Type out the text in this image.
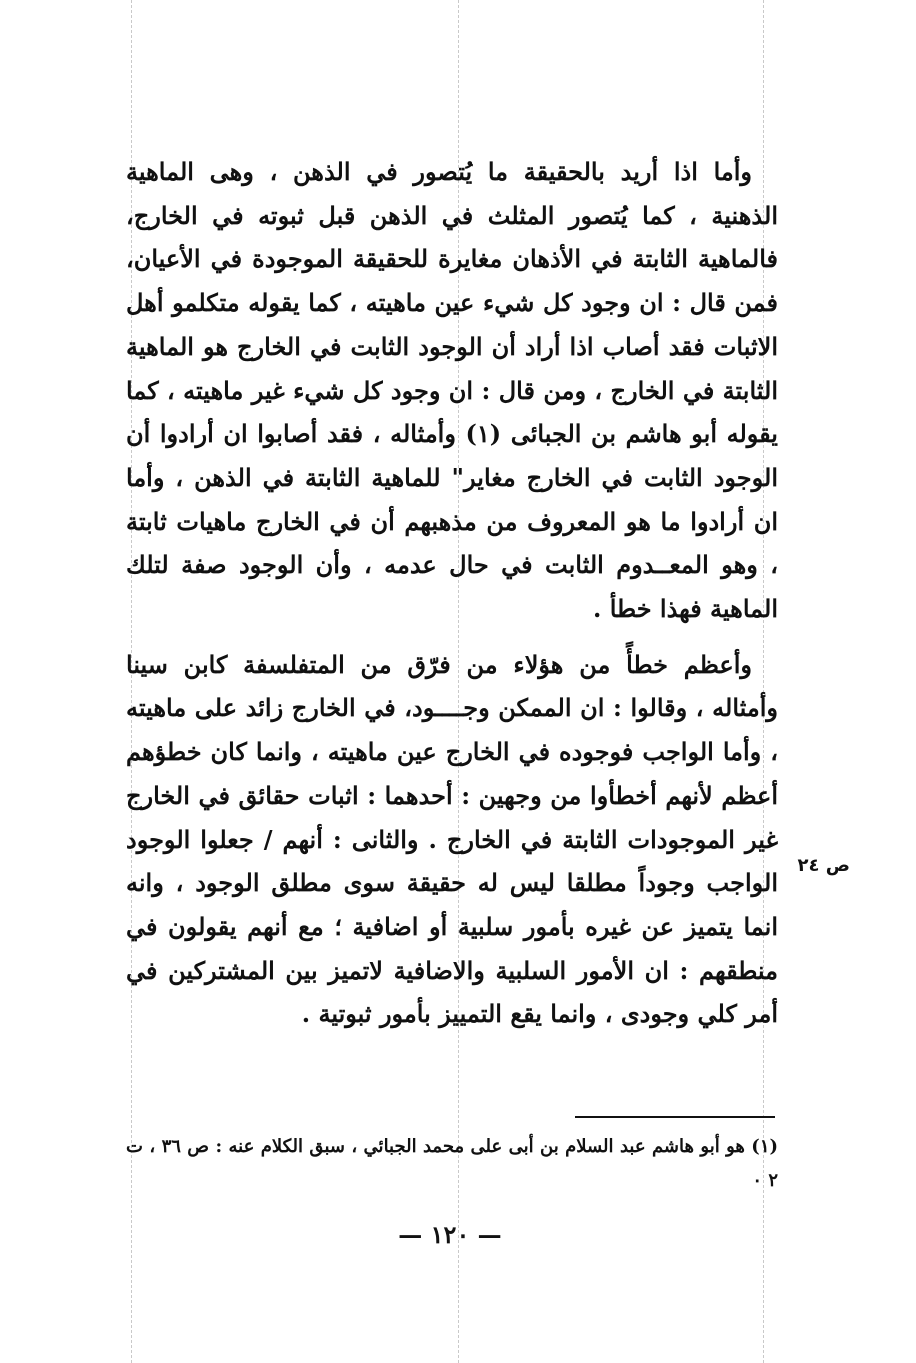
وأما اذا أريد بالحقيقة ما يُتصور في الذهن ، وهى الماهية الذهنية ، كما يُتصور المثلث في الذهن قبل ثبوته في الخارج، فالماهية الثابتة في الأذهان مغايرة للحقيقة الموجودة في الأعيان، فمن قال : ان وجود كل شيء عين ماهيته ، كما يقوله متكلمو أهل الاثبات فقد أصاب اذا أراد أن الوجود الثابت في الخارج هو الماهية الثابتة في الخارج ، ومن قال : ان وجود كل شيء غير ماهيته ، كما يقوله أبو هاشم بن الجبائى (١) وأمثاله ، فقد أصابوا ان أرادوا أن الوجود الثابت في الخارج مغاير" للماهية الثابتة في الذهن ، وأما ان أرادوا ما هو المعروف من مذهبهم أن في الخارج ماهيات ثابتة ، وهو المعــدوم الثابت في حال عدمه ، وأن الوجود صفة لتلك الماهية فهذا خطأ .

وأعظم خطأً من هؤلاء من فرّق من المتفلسفة كابن سينا وأمثاله ، وقالوا : ان الممكن وجــــود، في الخارج زائد على ماهيته ، وأما الواجب فوجوده في الخارج عين ماهيته ، وانما كان خطؤهم أعظم لأنهم أخطأوا من وجهين : أحدهما : اثبات حقائق في الخارج غير الموجودات الثابتة في الخارج . والثانى : أنهم / جعلوا الوجود الواجب وجوداً مطلقا ليس له حقيقة سوى مطلق الوجود ، وانه انما يتميز عن غيره بأمور سلبية أو اضافية ؛ مع أنهم يقولون في منطقهم : ان الأمور السلبية والاضافية لاتميز بين المشتركين في أمر كلي وجودى ، وانما يقع التمييز بأمور ثبوتية .

ص ٢٤
(١) هو أبو هاشم عبد السلام بن أبى على محمد الجبائي ، سبق الكلام عنه : ص ٣٦ ، ت ٢ ٠
— ١٢٠ —
